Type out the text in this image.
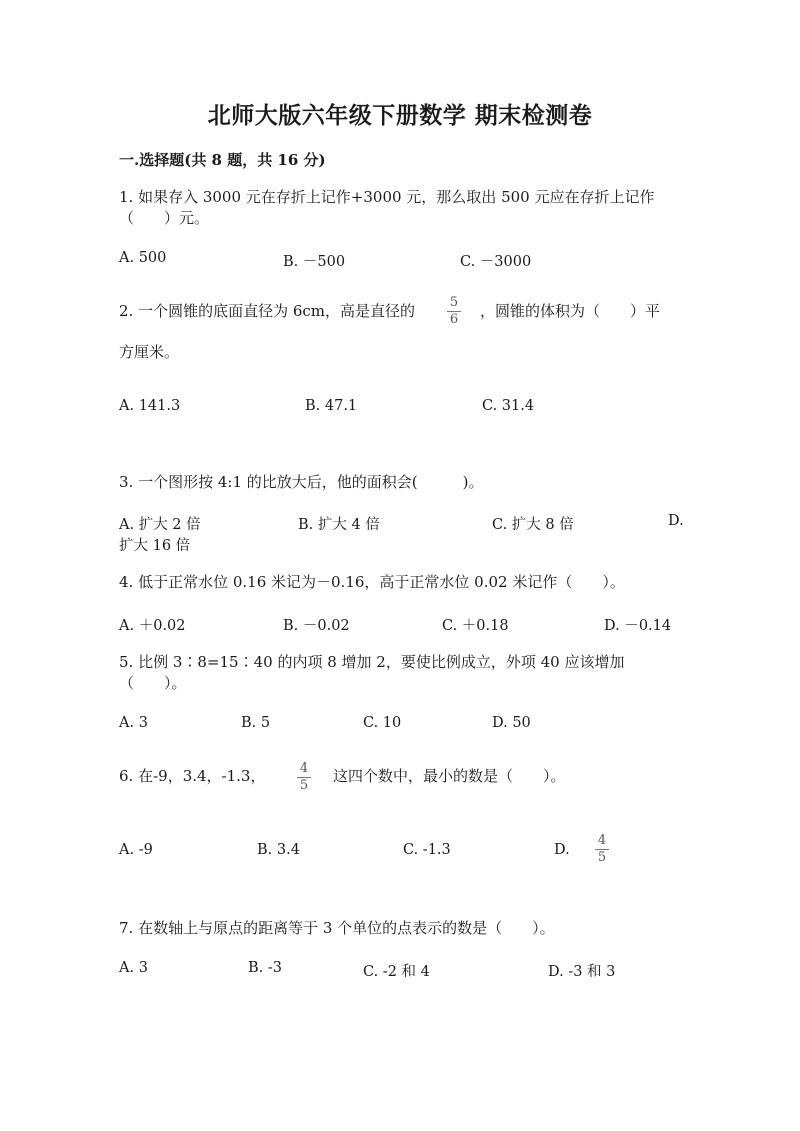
北师大版六年级下册数学 期末检测卷
一.选择题(共 8 题，共 16 分)
1. 如果存入 3000 元在存折上记作+3000 元，那么取出 500 元应在存折上记作
（　　）元。
A. 500	B. －500	C. －3000
2. 一个圆锥的底面直径为 6cm，高是直径的	5
6 ，圆锥的体积为（　　）平
方厘米。
A. 141.3	B. 47.1	C. 31.4
3. 一个图形按 4:1 的比放大后，他的面积会(　　　)。
A. 扩大 2 倍	B. 扩大 4 倍	C. 扩大 8 倍	D.
扩大 16 倍
4. 低于正常水位 0.16 米记为－0.16，高于正常水位 0.02 米记作（　　）。
A. ＋0.02	B. －0.02	C. ＋0.18	D. －0.14
5. 比例 3∶8=15∶40 的内项 8 增加 2，要使比例成立，外项 40 应该增加
（　　）。
A. 3	B. 5	C. 10	D. 50
6. 在-9，3.4，-1.3，	4
5
这四个数中，最小的数是（　　）。
A. -9	B. 3.4	C. -1.3	D.
4
5
7. 在数轴上与原点的距离等于 3 个单位的点表示的数是（　　）。
A. 3	B. -3	C. -2 和 4	D. -3 和 3
